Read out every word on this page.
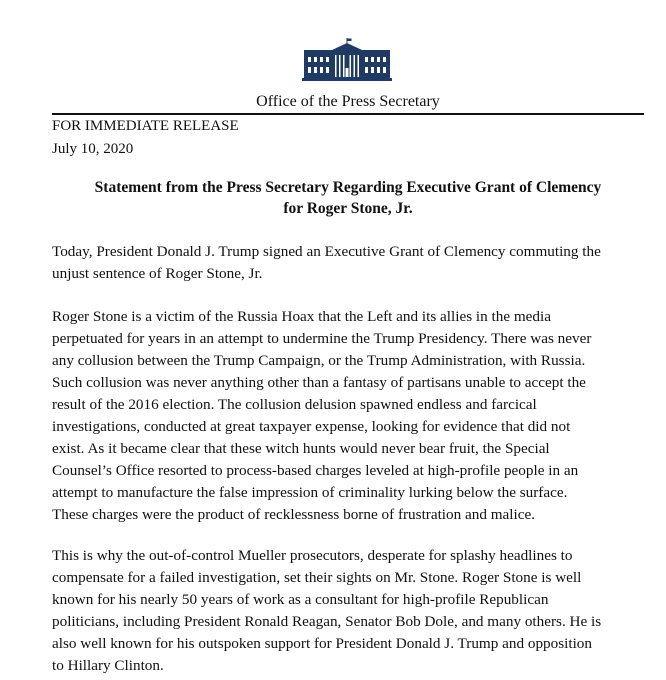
Office of the Press Secretary
FOR IMMEDIATE RELEASE
July 10, 2020
Statement from the Press Secretary Regarding Executive Grant of Clemency
for Roger Stone, Jr.
Today, President Donald J. Trump signed an Executive Grant of Clemency commuting the
unjust sentence of Roger Stone, Jr.
Roger Stone is a victim of the Russia Hoax that the Left and its allies in the media
perpetuated for years in an attempt to undermine the Trump Presidency. There was never
any collusion between the Trump Campaign, or the Trump Administration, with Russia.
Such collusion was never anything other than a fantasy of partisans unable to accept the
result of the 2016 election. The collusion delusion spawned endless and farcical
investigations, conducted at great taxpayer expense, looking for evidence that did not
exist. As it became clear that these witch hunts would never bear fruit, the Special
Counsel’s Office resorted to process-based charges leveled at high-profile people in an
attempt to manufacture the false impression of criminality lurking below the surface.
These charges were the product of recklessness borne of frustration and malice.
This is why the out-of-control Mueller prosecutors, desperate for splashy headlines to
compensate for a failed investigation, set their sights on Mr. Stone. Roger Stone is well
known for his nearly 50 years of work as a consultant for high-profile Republican
politicians, including President Ronald Reagan, Senator Bob Dole, and many others. He is
also well known for his outspoken support for President Donald J. Trump and opposition
to Hillary Clinton.
